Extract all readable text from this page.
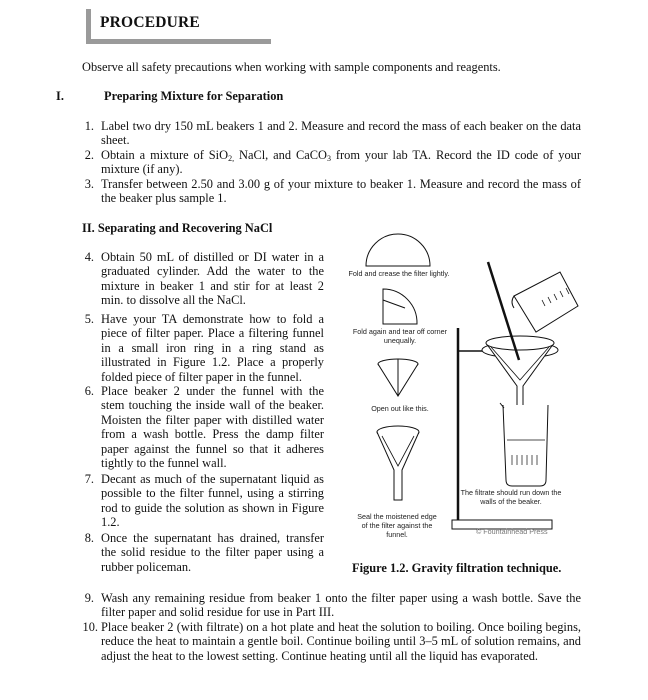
PROCEDURE
Observe all safety precautions when working with sample components and reagents.
I.	Preparing Mixture for Separation
1. Label two dry 150 mL beakers 1 and 2. Measure and record the mass of each beaker on the data sheet.
2. Obtain a mixture of SiO$_{2,}$ NaCl, and CaCO$_3$ from your lab TA. Record the ID code of your mixture (if any).
3. Transfer between 2.50 and 3.00 g of your mixture to beaker 1. Measure and record the mass of the beaker plus sample 1.
II. Separating and Recovering NaCl
4. Obtain 50 mL of distilled or DI water in a graduated cylinder. Add the water to the mixture in beaker 1 and stir for at least 2 min. to dissolve all the NaCl.
5. Have your TA demonstrate how to fold a piece of filter paper. Place a filtering funnel in a small iron ring in a ring stand as illustrated in Figure 1.2. Place a properly folded piece of filter paper in the funnel.
6. Place beaker 2 under the funnel with the stem touching the inside wall of the beaker. Moisten the filter paper with distilled water from a wash bottle. Press the damp filter paper against the funnel so that it adheres tightly to the funnel wall.
7. Decant as much of the supernatant liquid as possible to the filter funnel, using a stirring rod to guide the solution as shown in Figure 1.2.
8. Once the supernatant has drained, transfer the solid residue to the filter paper using a rubber policeman.
Fold and crease the filter lightly.
Fold again and tear off corner unequally.
Open out like this.
Seal the moistened edge of the filter against the funnel.
The filtrate should run down the walls of the beaker.
© Fountainhead Press
Figure 1.2. Gravity filtration technique.
9. Wash any remaining residue from beaker 1 onto the filter paper using a wash bottle. Save the filter paper and solid residue for use in Part III.
10. Place beaker 2 (with filtrate) on a hot plate and heat the solution to boiling. Once boiling begins, reduce the heat to maintain a gentle boil. Continue boiling until 3–5 mL of solution remains, and adjust the heat to the lowest setting. Continue heating until all the liquid has evaporated.
